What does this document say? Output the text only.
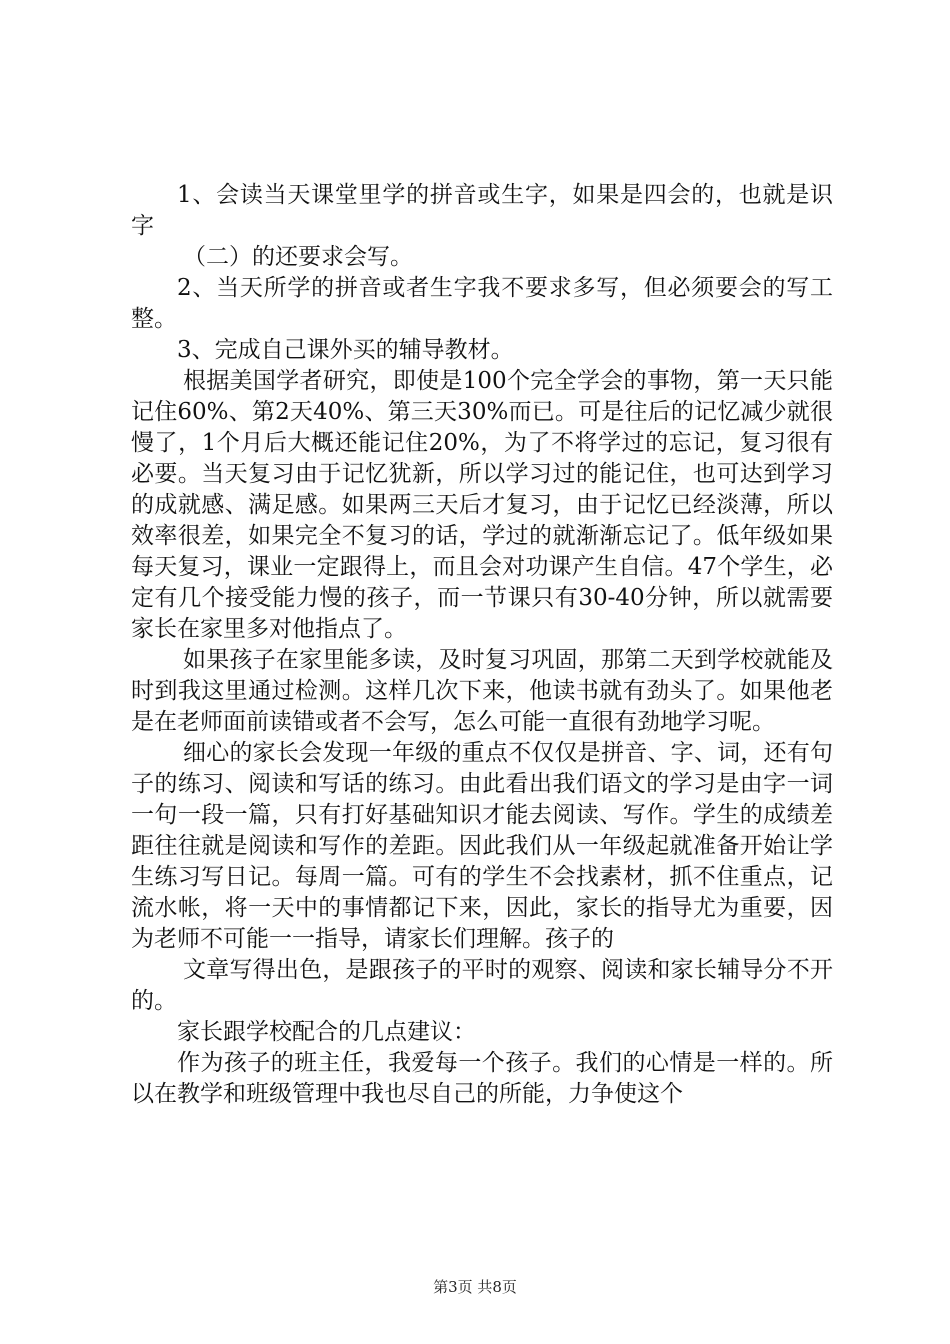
1、会读当天课堂里学的拼音或生字，如果是四会的，也就是识字

（二）的还要求会写。

2、当天所学的拼音或者生字我不要求多写，但必须要会的写工整。

3、完成自己课外买的辅导教材。

根据美国学者研究，即使是100个完全学会的事物，第一天只能记住60%、第2天40%、第三天30%而已。可是往后的记忆减少就很慢了，1个月后大概还能记住20%，为了不将学过的忘记，复习很有必要。当天复习由于记忆犹新，所以学习过的能记住，也可达到学习的成就感、满足感。如果两三天后才复习，由于记忆已经淡薄，所以效率很差，如果完全不复习的话，学过的就渐渐忘记了。低年级如果每天复习，课业一定跟得上，而且会对功课产生自信。47个学生，必定有几个接受能力慢的孩子，而一节课只有30-40分钟，所以就需要家长在家里多对他指点了。

如果孩子在家里能多读，及时复习巩固，那第二天到学校就能及时到我这里通过检测。这样几次下来，他读书就有劲头了。如果他老是在老师面前读错或者不会写，怎么可能一直很有劲地学习呢。

细心的家长会发现一年级的重点不仅仅是拼音、字、词，还有句子的练习、阅读和写话的练习。由此看出我们语文的学习是由字一词一句一段一篇，只有打好基础知识才能去阅读、写作。学生的成绩差距往往就是阅读和写作的差距。因此我们从一年级起就准备开始让学生练习写日记。每周一篇。可有的学生不会找素材，抓不住重点，记流水帐，将一天中的事情都记下来，因此，家长的指导尤为重要，因为老师不可能一一指导，请家长们理解。孩子的

文章写得出色，是跟孩子的平时的观察、阅读和家长辅导分不开的。

家长跟学校配合的几点建议：

作为孩子的班主任，我爱每一个孩子。我们的心情是一样的。所以在教学和班级管理中我也尽自己的所能，力争使这个

第3页 共8页
